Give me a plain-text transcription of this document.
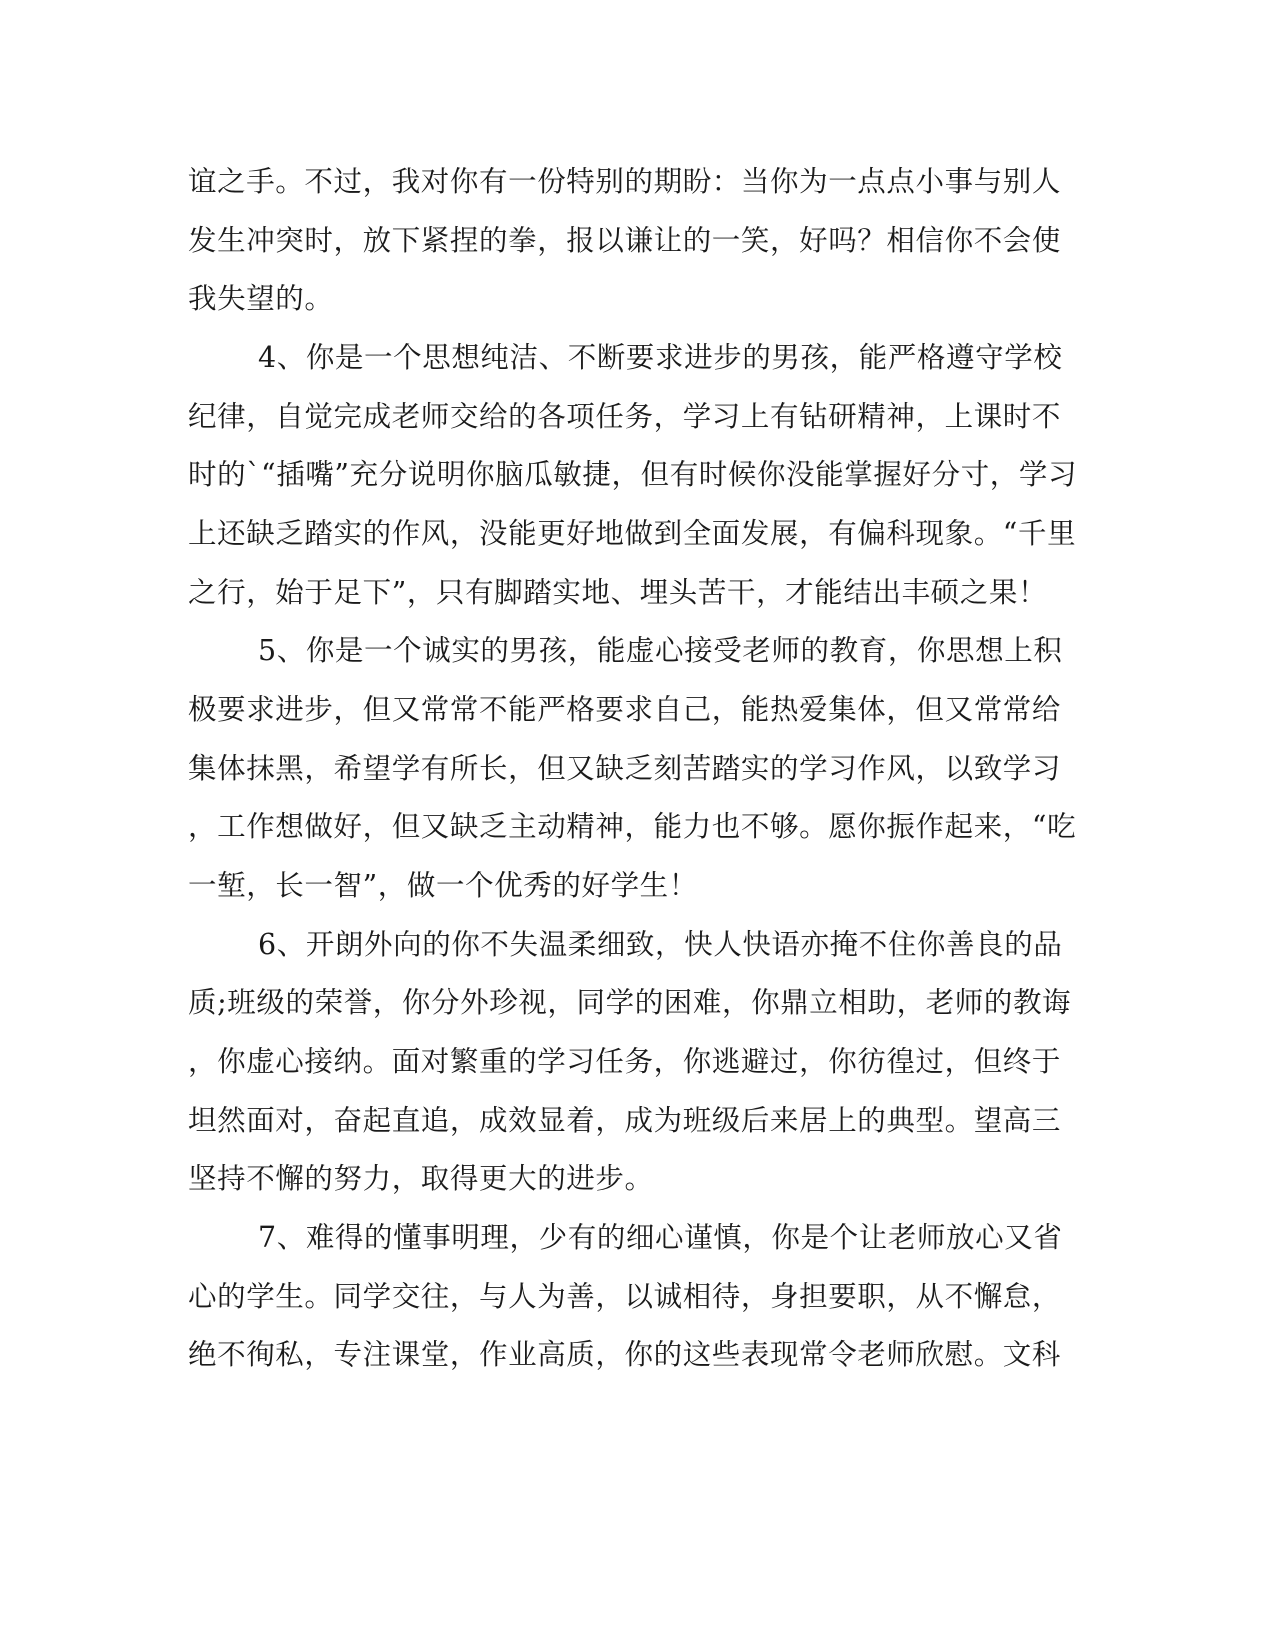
谊之手。不过，我对你有一份特别的期盼：当你为一点点小事与别人
发生冲突时，放下紧捏的拳，报以谦让的一笑，好吗？相信你不会使
我失望的。
4、你是一个思想纯洁、不断要求进步的男孩，能严格遵守学校
纪律，自觉完成老师交给的各项任务，学习上有钻研精神，上课时不
时的`“插嘴”充分说明你脑瓜敏捷，但有时候你没能掌握好分寸，学习
上还缺乏踏实的作风，没能更好地做到全面发展，有偏科现象。“千里
之行，始于足下”，只有脚踏实地、埋头苦干，才能结出丰硕之果！
5、你是一个诚实的男孩，能虚心接受老师的教育，你思想上积
极要求进步，但又常常不能严格要求自己，能热爱集体，但又常常给
集体抹黑，希望学有所长，但又缺乏刻苦踏实的学习作风，以致学习
，工作想做好，但又缺乏主动精神，能力也不够。愿你振作起来，“吃
一堑，长一智”，做一个优秀的好学生！
6、开朗外向的你不失温柔细致，快人快语亦掩不住你善良的品
质;班级的荣誉，你分外珍视，同学的困难，你鼎立相助，老师的教诲
，你虚心接纳。面对繁重的学习任务，你逃避过，你彷徨过，但终于
坦然面对，奋起直追，成效显着，成为班级后来居上的典型。望高三
坚持不懈的努力，取得更大的进步。
7、难得的懂事明理，少有的细心谨慎，你是个让老师放心又省
心的学生。同学交往，与人为善，以诚相待，身担要职，从不懈怠，
绝不徇私，专注课堂，作业高质，你的这些表现常令老师欣慰。文科
